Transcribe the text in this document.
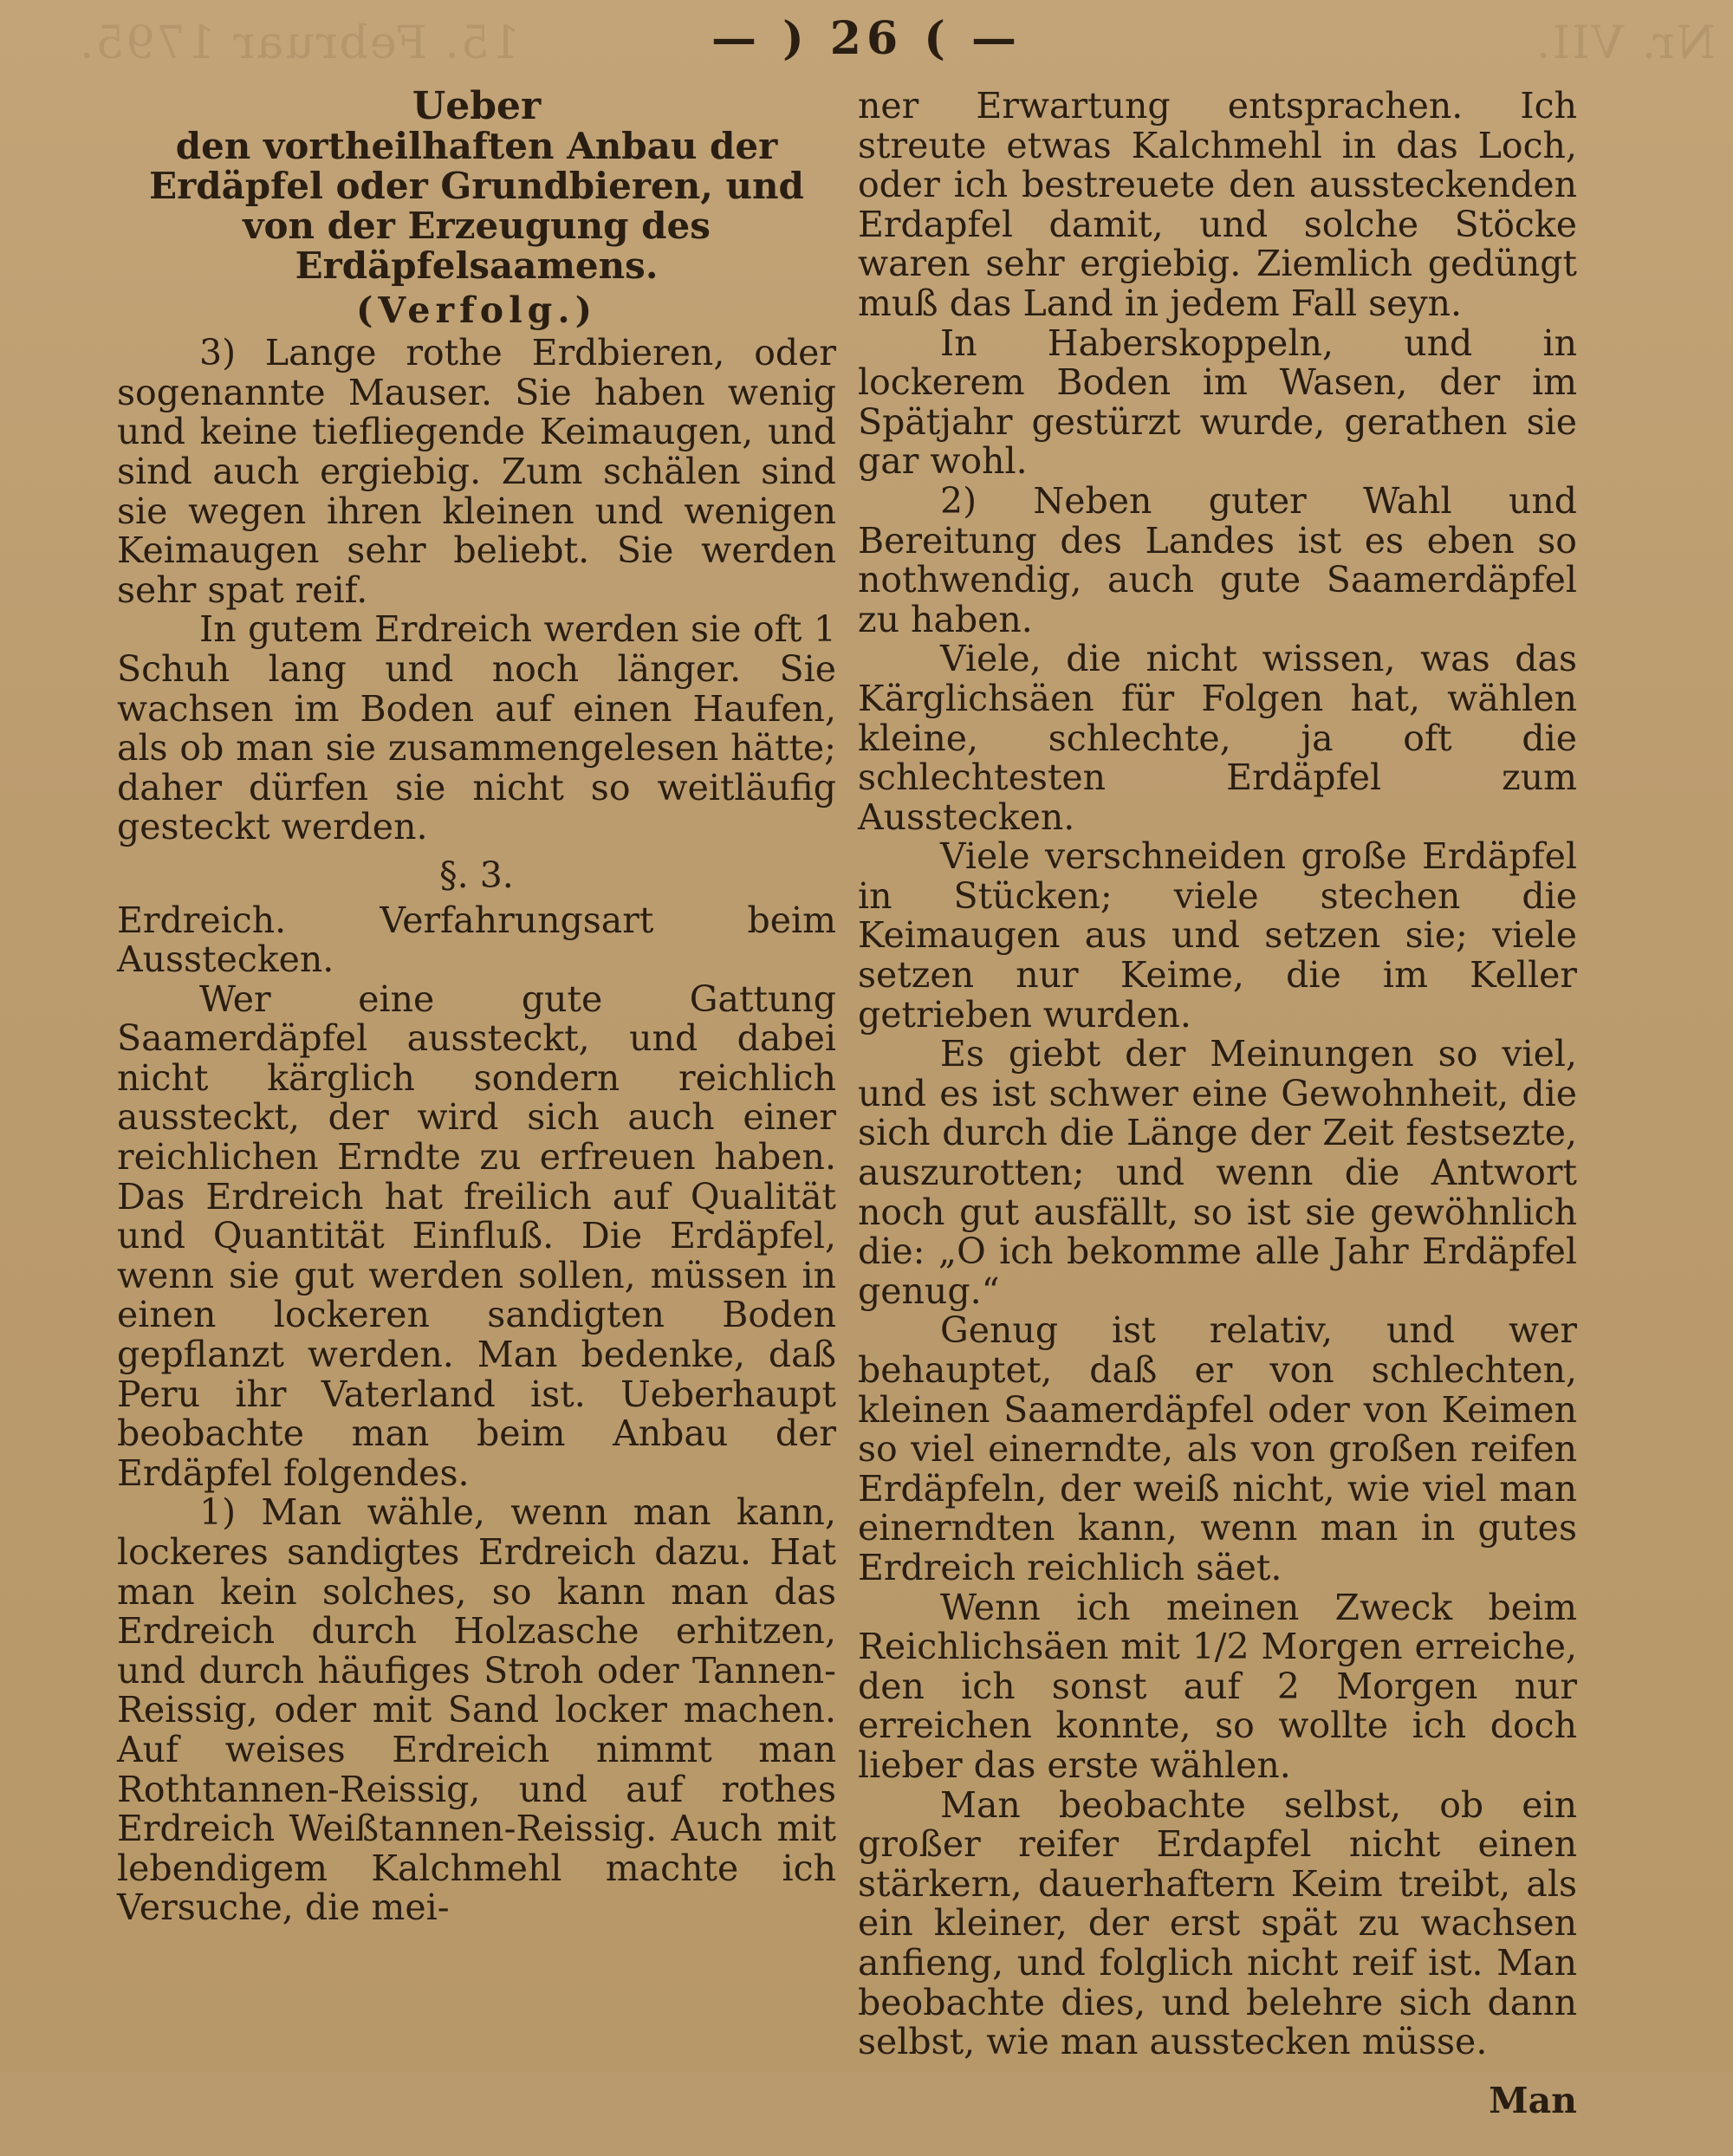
15. Februar 1795.	Nr. VII.
— ) 26 ( —

Ueber

den vortheilhaften Anbau der Erdäpfel oder Grundbieren, und von der Erzeugung des Erdäpfelsaamens.

(Verfolg.)

3) Lange rothe Erdbieren, oder sogenannte Mauser. Sie haben wenig und keine tiefliegende Keimaugen, und sind auch ergiebig. Zum schälen sind sie wegen ihren kleinen und wenigen Keimaugen sehr beliebt. Sie werden sehr spat reif.

In gutem Erdreich werden sie oft 1 Schuh lang und noch länger. Sie wachsen im Boden auf einen Haufen, als ob man sie zusammengelesen hätte; daher dürfen sie nicht so weitläufig gesteckt werden.

§. 3.

Erdreich. Verfahrungsart beim Ausstecken.

Wer eine gute Gattung Saamerdäpfel aussteckt, und dabei nicht kärglich sondern reichlich aussteckt, der wird sich auch einer reichlichen Erndte zu erfreuen haben. Das Erdreich hat freilich auf Qualität und Quantität Einfluß. Die Erdäpfel, wenn sie gut werden sollen, müssen in einen lockeren sandigten Boden gepflanzt werden. Man bedenke, daß Peru ihr Vaterland ist. Ueberhaupt beobachte man beim Anbau der Erdäpfel folgendes.

1) Man wähle, wenn man kann, lockeres sandigtes Erdreich dazu. Hat man kein solches, so kann man das Erdreich durch Holzasche erhitzen, und durch häufiges Stroh oder Tannen-Reissig, oder mit Sand locker machen. Auf weises Erdreich nimmt man Rothtannen-Reissig, und auf rothes Erdreich Weißtannen-Reissig. Auch mit lebendigem Kalchmehl machte ich Versuche, die mei-

ner Erwartung entsprachen. Ich streute etwas Kalchmehl in das Loch, oder ich bestreuete den aussteckenden Erdapfel damit, und solche Stöcke waren sehr ergiebig. Ziemlich gedüngt muß das Land in jedem Fall seyn.

In Haberskoppeln, und in lockerem Boden im Wasen, der im Spätjahr gestürzt wurde, gerathen sie gar wohl.

2) Neben guter Wahl und Bereitung des Landes ist es eben so nothwendig, auch gute Saamerdäpfel zu haben.

Viele, die nicht wissen, was das Kärglichsäen für Folgen hat, wählen kleine, schlechte, ja oft die schlechtesten Erdäpfel zum Ausstecken.

Viele verschneiden große Erdäpfel in Stücken; viele stechen die Keimaugen aus und setzen sie; viele setzen nur Keime, die im Keller getrieben wurden.

Es giebt der Meinungen so viel, und es ist schwer eine Gewohnheit, die sich durch die Länge der Zeit festsezte, auszurotten; und wenn die Antwort noch gut ausfällt, so ist sie gewöhnlich die: „O ich bekomme alle Jahr Erdäpfel genug.“

Genug ist relativ, und wer behauptet, daß er von schlechten, kleinen Saamerdäpfel oder von Keimen so viel einerndte, als von großen reifen Erdäpfeln, der weiß nicht, wie viel man einerndten kann, wenn man in gutes Erdreich reichlich säet.

Wenn ich meinen Zweck beim Reichlichsäen mit 1/2 Morgen erreiche, den ich sonst auf 2 Morgen nur erreichen konnte, so wollte ich doch lieber das erste wählen.

Man beobachte selbst, ob ein großer reifer Erdapfel nicht einen stärkern, dauerhaftern Keim treibt, als ein kleiner, der erst spät zu wachsen anfieng, und folglich nicht reif ist. Man beobachte dies, und belehre sich dann selbst, wie man ausstecken müsse.

Man
